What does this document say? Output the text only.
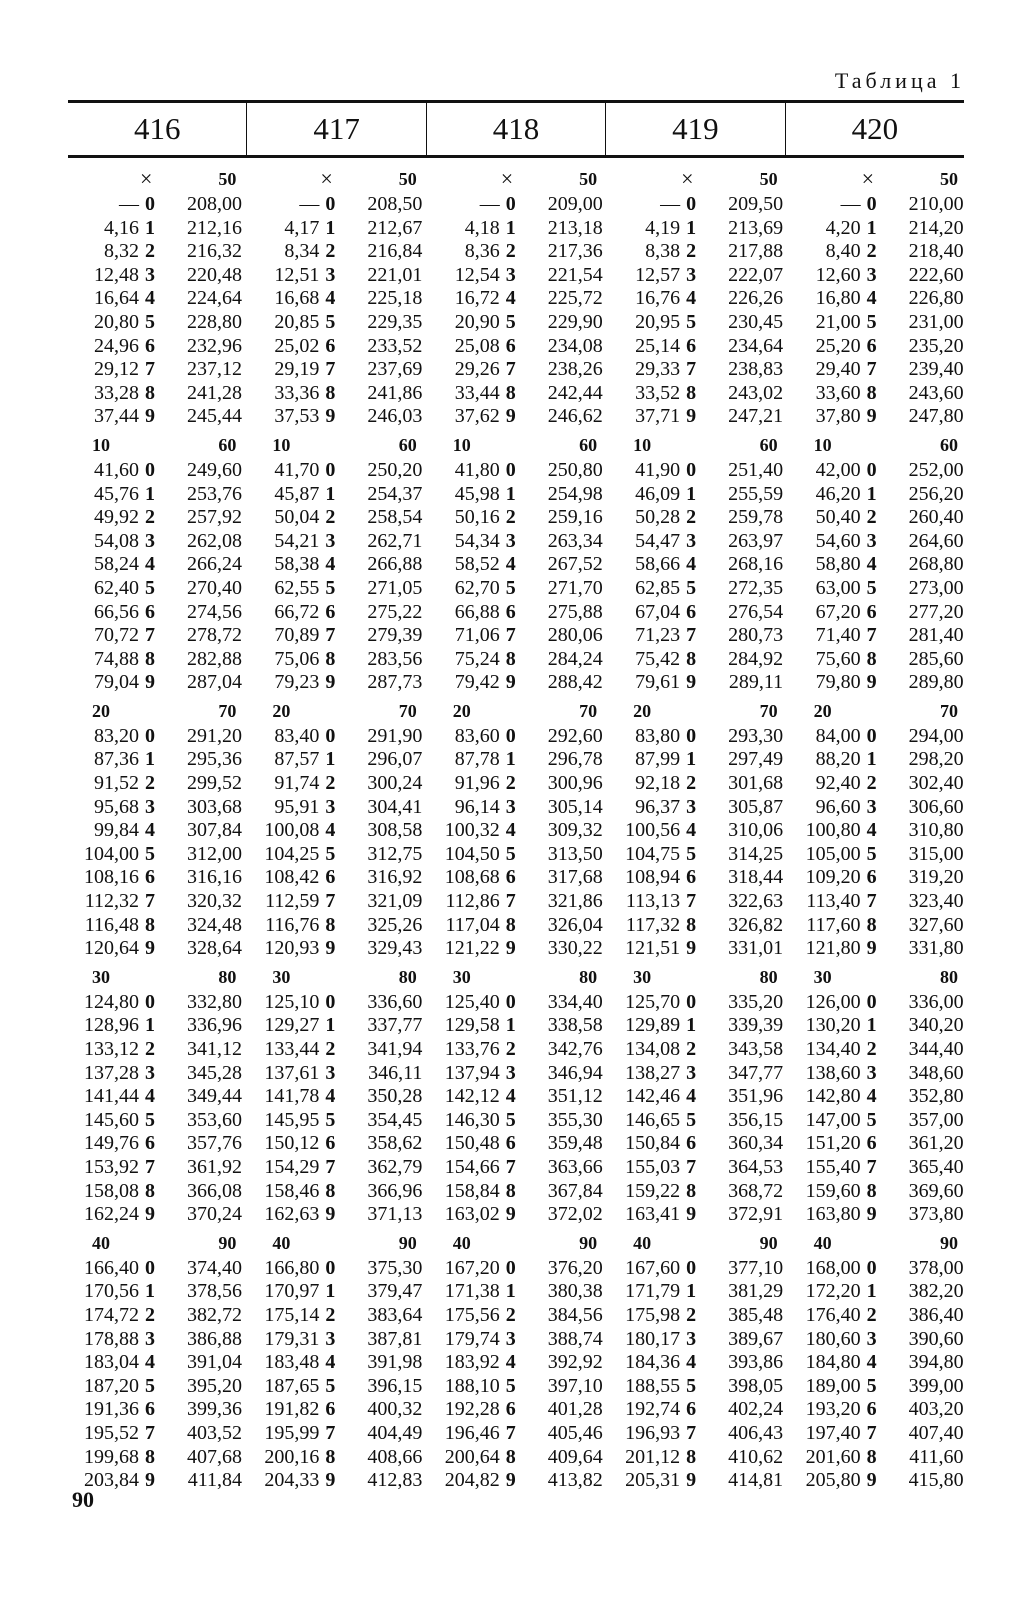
Таблица 1
416	417	418	419	420
×	50	×	50	×	50	×	50	×	50
— 0	208,00	— 0	208,50	— 0	209,00	— 0	209,50	— 0	210,00
4,16 1	212,16	4,17 1	212,67	4,18 1	213,18	4,19 1	213,69	4,20 1	214,20
8,32 2	216,32	8,34 2	216,84	8,36 2	217,36	8,38 2	217,88	8,40 2	218,40
12,48 3	220,48	12,51 3	221,01	12,54 3	221,54	12,57 3	222,07	12,60 3	222,60
16,64 4	224,64	16,68 4	225,18	16,72 4	225,72	16,76 4	226,26	16,80 4	226,80
20,80 5	228,80	20,85 5	229,35	20,90 5	229,90	20,95 5	230,45	21,00 5	231,00
24,96 6	232,96	25,02 6	233,52	25,08 6	234,08	25,14 6	234,64	25,20 6	235,20
29,12 7	237,12	29,19 7	237,69	29,26 7	238,26	29,33 7	238,83	29,40 7	239,40
33,28 8	241,28	33,36 8	241,86	33,44 8	242,44	33,52 8	243,02	33,60 8	243,60
37,44 9	245,44	37,53 9	246,03	37,62 9	246,62	37,71 9	247,21	37,80 9	247,80
10	60 10	60 10	60 10	60 10	60
41,60 0	249,60	41,70 0	250,20	41,80 0	250,80	41,90 0	251,40	42,00 0	252,00
45,76 1	253,76	45,87 1	254,37	45,98 1	254,98	46,09 1	255,59	46,20 1	256,20
49,92 2	257,92	50,04 2	258,54	50,16 2	259,16	50,28 2	259,78	50,40 2	260,40
54,08 3	262,08	54,21 3	262,71	54,34 3	263,34	54,47 3	263,97	54,60 3	264,60
58,24 4	266,24	58,38 4	266,88	58,52 4	267,52	58,66 4	268,16	58,80 4	268,80
62,40 5	270,40	62,55 5	271,05	62,70 5	271,70	62,85 5	272,35	63,00 5	273,00
66,56 6	274,56	66,72 6	275,22	66,88 6	275,88	67,04 6	276,54	67,20 6	277,20
70,72 7	278,72	70,89 7	279,39	71,06 7	280,06	71,23 7	280,73	71,40 7	281,40
74,88 8	282,88	75,06 8	283,56	75,24 8	284,24	75,42 8	284,92	75,60 8	285,60
79,04 9	287,04	79,23 9	287,73	79,42 9	288,42	79,61 9	289,11	79,80 9	289,80
20	70 20	70 20	70 20	70 20	70
83,20 0	291,20	83,40 0	291,90	83,60 0	292,60	83,80 0	293,30	84,00 0	294,00
87,36 1	295,36	87,57 1	296,07	87,78 1	296,78	87,99 1	297,49	88,20 1	298,20
91,52 2	299,52	91,74 2	300,24	91,96 2	300,96	92,18 2	301,68	92,40 2	302,40
95,68 3	303,68	95,91 3	304,41	96,14 3	305,14	96,37 3	305,87	96,60 3	306,60
99,84 4	307,84	100,08 4	308,58	100,32 4	309,32	100,56 4	310,06	100,80 4	310,80
104,00 5	312,00	104,25 5	312,75	104,50 5	313,50	104,75 5	314,25	105,00 5	315,00
108,16 6	316,16	108,42 6	316,92	108,68 6	317,68	108,94 6	318,44	109,20 6	319,20
112,32 7	320,32	112,59 7	321,09	112,86 7	321,86	113,13 7	322,63	113,40 7	323,40
116,48 8	324,48	116,76 8	325,26	117,04 8	326,04	117,32 8	326,82	117,60 8	327,60
120,64 9	328,64	120,93 9	329,43	121,22 9	330,22	121,51 9	331,01	121,80 9	331,80
30	80 30	80 30	80 30	80 30	80
124,80 0	332,80	125,10 0	336,60	125,40 0	334,40	125,70 0	335,20	126,00 0	336,00
128,96 1	336,96	129,27 1	337,77	129,58 1	338,58	129,89 1	339,39	130,20 1	340,20
133,12 2	341,12	133,44 2	341,94	133,76 2	342,76	134,08 2	343,58	134,40 2	344,40
137,28 3	345,28	137,61 3	346,11	137,94 3	346,94	138,27 3	347,77	138,60 3	348,60
141,44 4	349,44	141,78 4	350,28	142,12 4	351,12	142,46 4	351,96	142,80 4	352,80
145,60 5	353,60	145,95 5	354,45	146,30 5	355,30	146,65 5	356,15	147,00 5	357,00
149,76 6	357,76	150,12 6	358,62	150,48 6	359,48	150,84 6	360,34	151,20 6	361,20
153,92 7	361,92	154,29 7	362,79	154,66 7	363,66	155,03 7	364,53	155,40 7	365,40
158,08 8	366,08	158,46 8	366,96	158,84 8	367,84	159,22 8	368,72	159,60 8	369,60
162,24 9	370,24	162,63 9	371,13	163,02 9	372,02	163,41 9	372,91	163,80 9	373,80
40	90 40	90 40	90 40	90 40	90
166,40 0	374,40	166,80 0	375,30	167,20 0	376,20	167,60 0	377,10	168,00 0	378,00
170,56 1	378,56	170,97 1	379,47	171,38 1	380,38	171,79 1	381,29	172,20 1	382,20
174,72 2	382,72	175,14 2	383,64	175,56 2	384,56	175,98 2	385,48	176,40 2	386,40
178,88 3	386,88	179,31 3	387,81	179,74 3	388,74	180,17 3	389,67	180,60 3	390,60
183,04 4	391,04	183,48 4	391,98	183,92 4	392,92	184,36 4	393,86	184,80 4	394,80
187,20 5	395,20	187,65 5	396,15	188,10 5	397,10	188,55 5	398,05	189,00 5	399,00
191,36 6	399,36	191,82 6	400,32	192,28 6	401,28	192,74 6	402,24	193,20 6	403,20
195,52 7	403,52	195,99 7	404,49	196,46 7	405,46	196,93 7	406,43	197,40 7	407,40
199,68 8	407,68	200,16 8	408,66	200,64 8	409,64	201,12 8	410,62	201,60 8	411,60
203,84 9	411,84	204,33 9	412,83	204,82 9	413,82	205,31 9	414,81	205,80 9	415,80
90
